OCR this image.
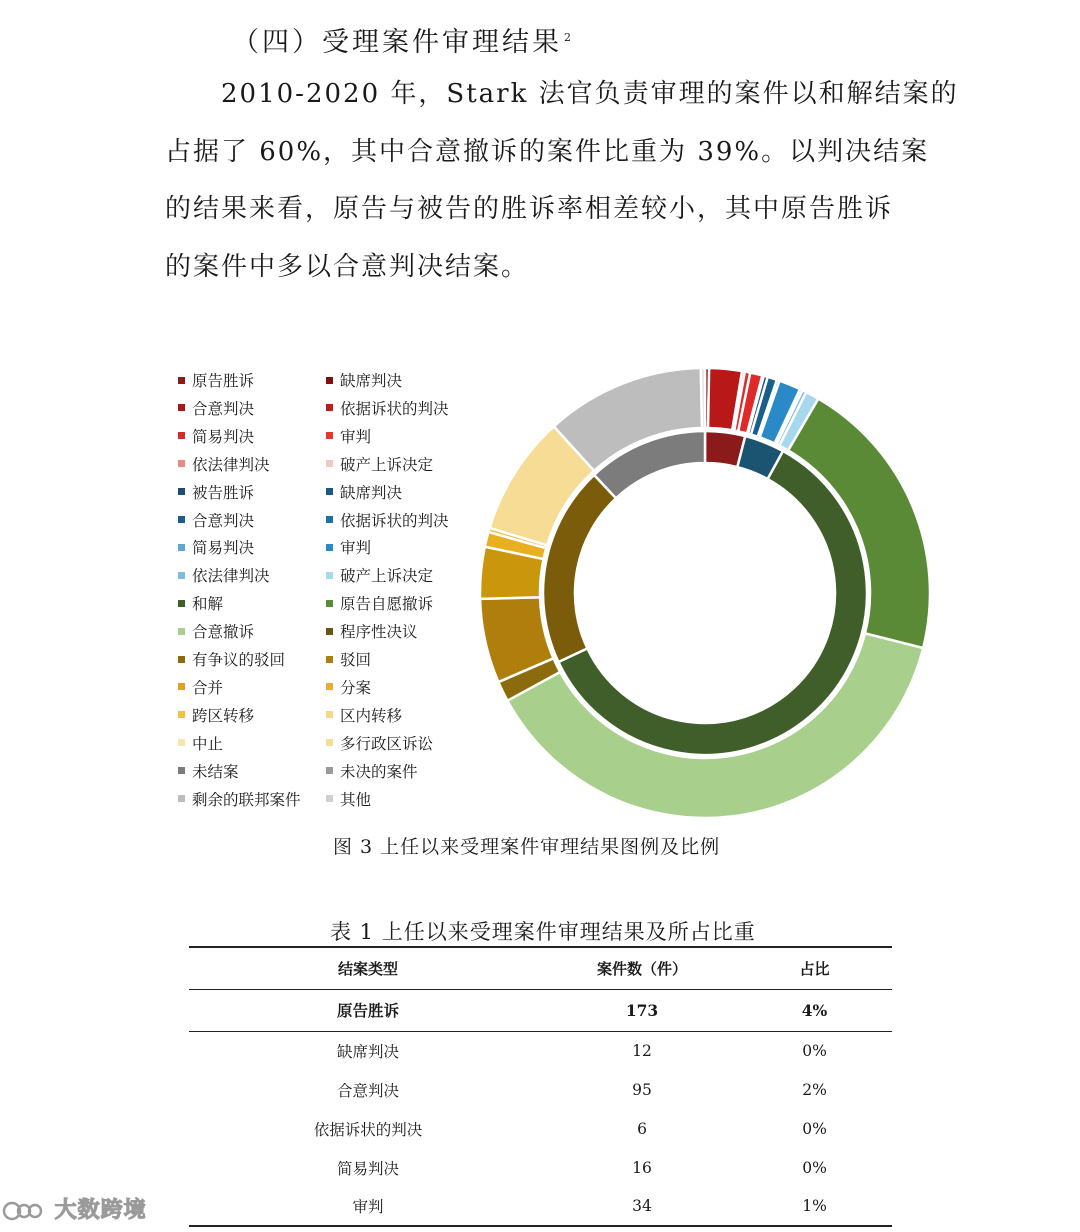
（四）受理案件审理结果 $^2$
2010-2020 年，Stark 法官负责审理的案件以和解结案的
占据了 60%，其中合意撤诉的案件比重为 39%。以判决结案
的结果来看，原告与被告的胜诉率相差较小，其中原告胜诉
的案件中多以合意判决结案。
原告胜诉	缺席判决
合意判决	依据诉状的判决
简易判决	审判
依法律判决	破产上诉决定
被告胜诉	缺席判决
合意判决	依据诉状的判决
简易判决	审判
依法律判决	破产上诉决定
和解	原告自愿撤诉
合意撤诉	程序性决议
有争议的驳回	驳回
合并	分案
跨区转移	区内转移
中止	多行政区诉讼
未结案	未决的案件
剩余的联邦案件	其他
图 3 上任以来受理案件审理结果图例及比例
表 1 上任以来受理案件审理结果及所占比重
结案类型	案件数（件）	占比
原告胜诉	173	4%
缺席判决	12	0%
合意判决	95	2%
依据诉状的判决	6	0%
简易判决	16	0%
审判	34	1%
大数跨境
